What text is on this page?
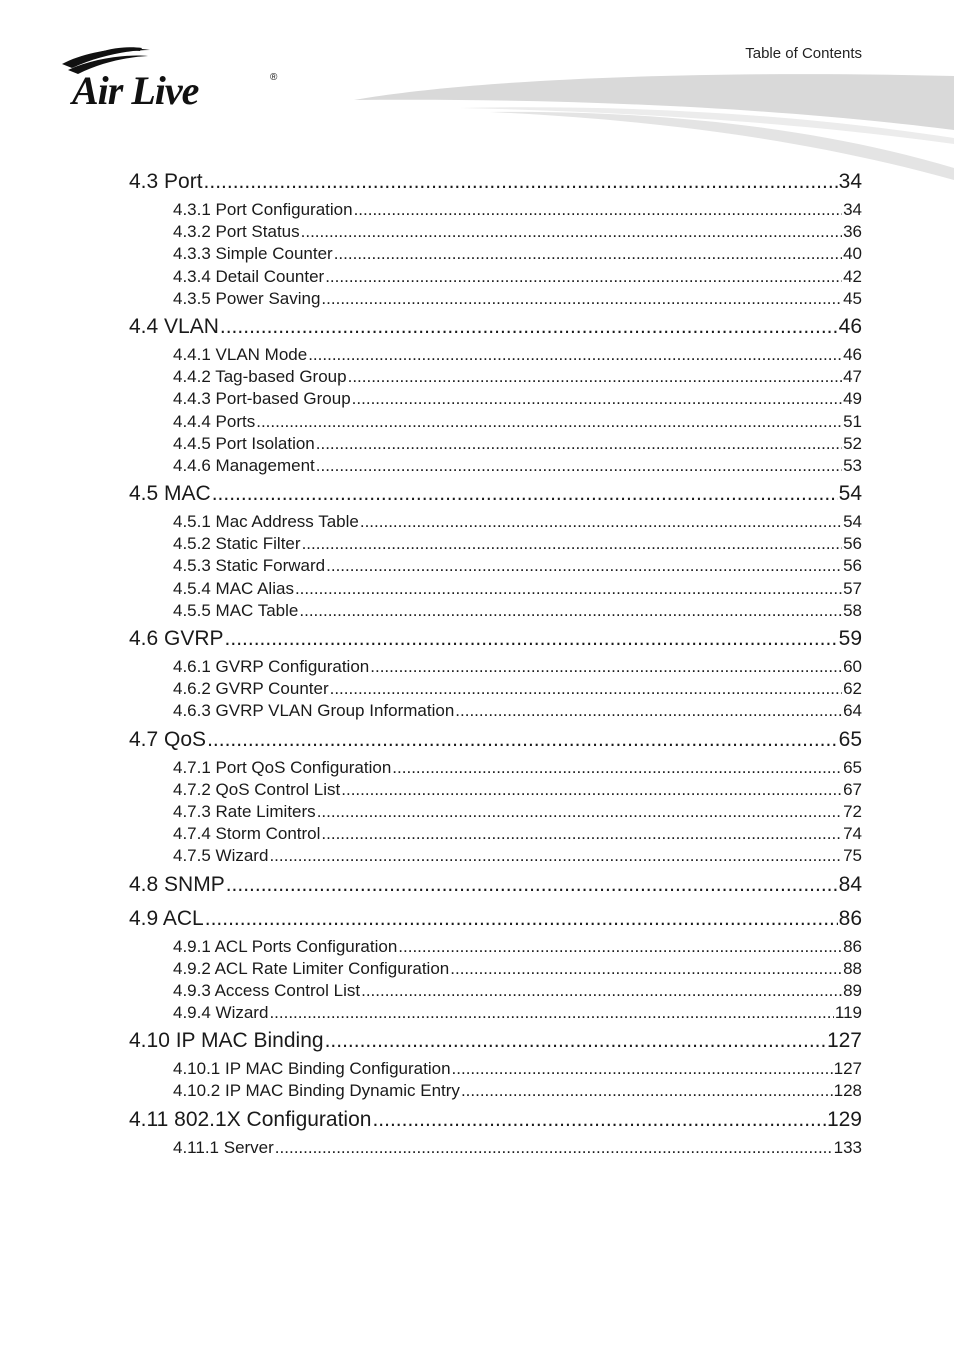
Table of Contents
Air Live	®
4.3 Port .....	34
4.3.1 Port Configuration .....	34
4.3.2 Port Status .....	36
4.3.3 Simple Counter .....	40
4.3.4 Detail Counter .....	42
4.3.5 Power Saving .....	45
4.4 VLAN .....	46
4.4.1 VLAN Mode .....	46
4.4.2 Tag-based Group .....	47
4.4.3 Port-based Group .....	49
4.4.4 Ports .....	51
4.4.5 Port Isolation .....	52
4.4.6 Management .....	53
4.5 MAC .....	54
4.5.1 Mac Address Table .....	54
4.5.2 Static Filter .....	56
4.5.3 Static Forward .....	56
4.5.4 MAC Alias .....	57
4.5.5 MAC Table .....	58
4.6 GVRP .....	59
4.6.1 GVRP Configuration .....	60
4.6.2 GVRP Counter .....	62
4.6.3 GVRP VLAN Group Information .....	64
4.7 QoS .....	65
4.7.1 Port QoS Configuration .....	65
4.7.2 QoS Control List .....	67
4.7.3 Rate Limiters .....	72
4.7.4 Storm Control .....	74
4.7.5 Wizard .....	75
4.8 SNMP .....	84
4.9 ACL .....	86
4.9.1 ACL Ports Configuration .....	86
4.9.2 ACL Rate Limiter Configuration .....	88
4.9.3 Access Control List .....	89
4.9.4 Wizard .....	119
4.10 IP MAC Binding .....	127
4.10.1 IP MAC Binding Configuration .....	127
4.10.2 IP MAC Binding Dynamic Entry .....	128
4.11 802.1X Configuration .....	129
4.11.1 Server .....	133
